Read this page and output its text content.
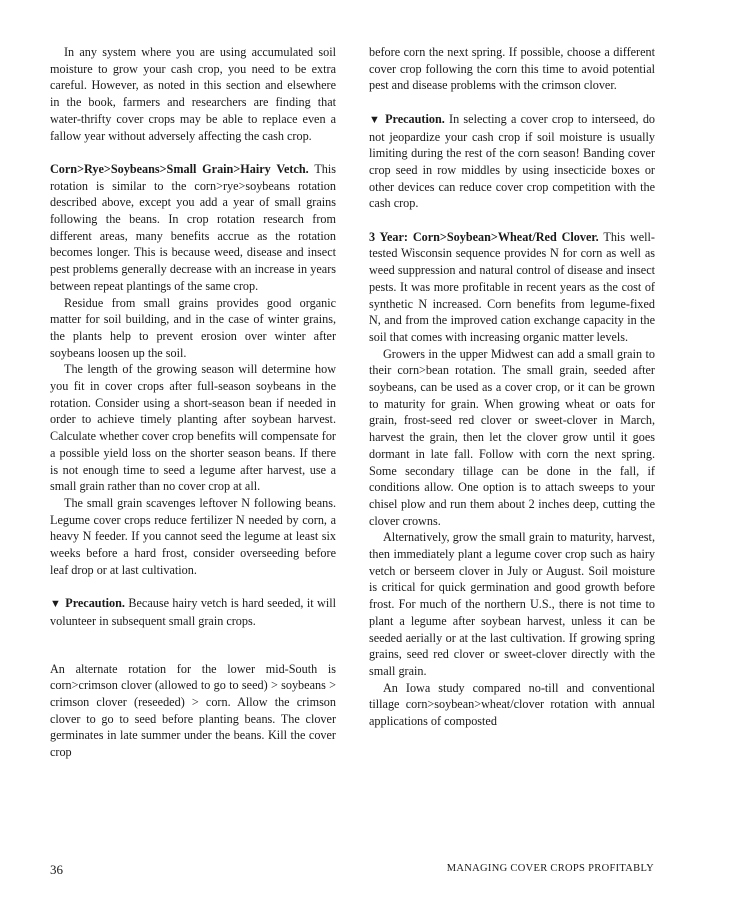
In any system where you are using accumulated soil moisture to grow your cash crop, you need to be extra careful. However, as noted in this section and elsewhere in the book, farmers and researchers are finding that water-thrifty cover crops may be able to replace even a fallow year without adversely affecting the cash crop.

Corn>Rye>Soybeans>Small Grain>Hairy Vetch. This rotation is similar to the corn>rye>soybeans rotation described above, except you add a year of small grains following the beans. In crop rotation research from different areas, many benefits accrue as the rotation becomes longer. This is because weed, disease and insect pest problems generally decrease with an increase in years between repeat plantings of the same crop.

Residue from small grains provides good organic matter for soil building, and in the case of winter grains, the plants help to prevent erosion over winter after soybeans loosen up the soil.

The length of the growing season will determine how you fit in cover crops after full-season soybeans in the rotation. Consider using a short-season bean if needed in order to achieve timely planting after soybean harvest. Calculate whether cover crop benefits will compensate for a possible yield loss on the shorter season beans. If there is not enough time to seed a legume after harvest, use a small grain rather than no cover crop at all.

The small grain scavenges leftover N following beans. Legume cover crops reduce fertilizer N needed by corn, a heavy N feeder. If you cannot seed the legume at least six weeks before a hard frost, consider overseeding before leaf drop or at last cultivation.

▼ Precaution. Because hairy vetch is hard seeded, it will volunteer in subsequent small grain crops.

An alternate rotation for the lower mid-South is corn>crimson clover (allowed to go to seed) > soybeans > crimson clover (reseeded) > corn. Allow the crimson clover to go to seed before planting beans. The clover germinates in late summer under the beans. Kill the cover crop

before corn the next spring. If possible, choose a different cover crop following the corn this time to avoid potential pest and disease problems with the crimson clover.

▼ Precaution. In selecting a cover crop to interseed, do not jeopardize your cash crop if soil moisture is usually limiting during the rest of the corn season! Banding cover crop seed in row middles by using insecticide boxes or other devices can reduce cover crop competition with the cash crop.

3 Year: Corn>Soybean>Wheat/Red Clover. This well-tested Wisconsin sequence provides N for corn as well as weed suppression and natural control of disease and insect pests. It was more profitable in recent years as the cost of synthetic N increased. Corn benefits from legume-fixed N, and from the improved cation exchange capacity in the soil that comes with increasing organic matter levels.

Growers in the upper Midwest can add a small grain to their corn>bean rotation. The small grain, seeded after soybeans, can be used as a cover crop, or it can be grown to maturity for grain. When growing wheat or oats for grain, frost-seed red clover or sweet-clover in March, harvest the grain, then let the clover grow until it goes dormant in late fall. Follow with corn the next spring. Some secondary tillage can be done in the fall, if conditions allow. One option is to attach sweeps to your chisel plow and run them about 2 inches deep, cutting the clover crowns.

Alternatively, grow the small grain to maturity, harvest, then immediately plant a legume cover crop such as hairy vetch or berseem clover in July or August. Soil moisture is critical for quick germination and good growth before frost. For much of the northern U.S., there is not time to plant a legume after soybean harvest, unless it can be seeded aerially or at the last cultivation. If growing spring grains, seed red clover or sweet-clover directly with the small grain.

An Iowa study compared no-till and conventional tillage corn>soybean>wheat/clover rotation with annual applications of composted

36	MANAGING COVER CROPS PROFITABLY
